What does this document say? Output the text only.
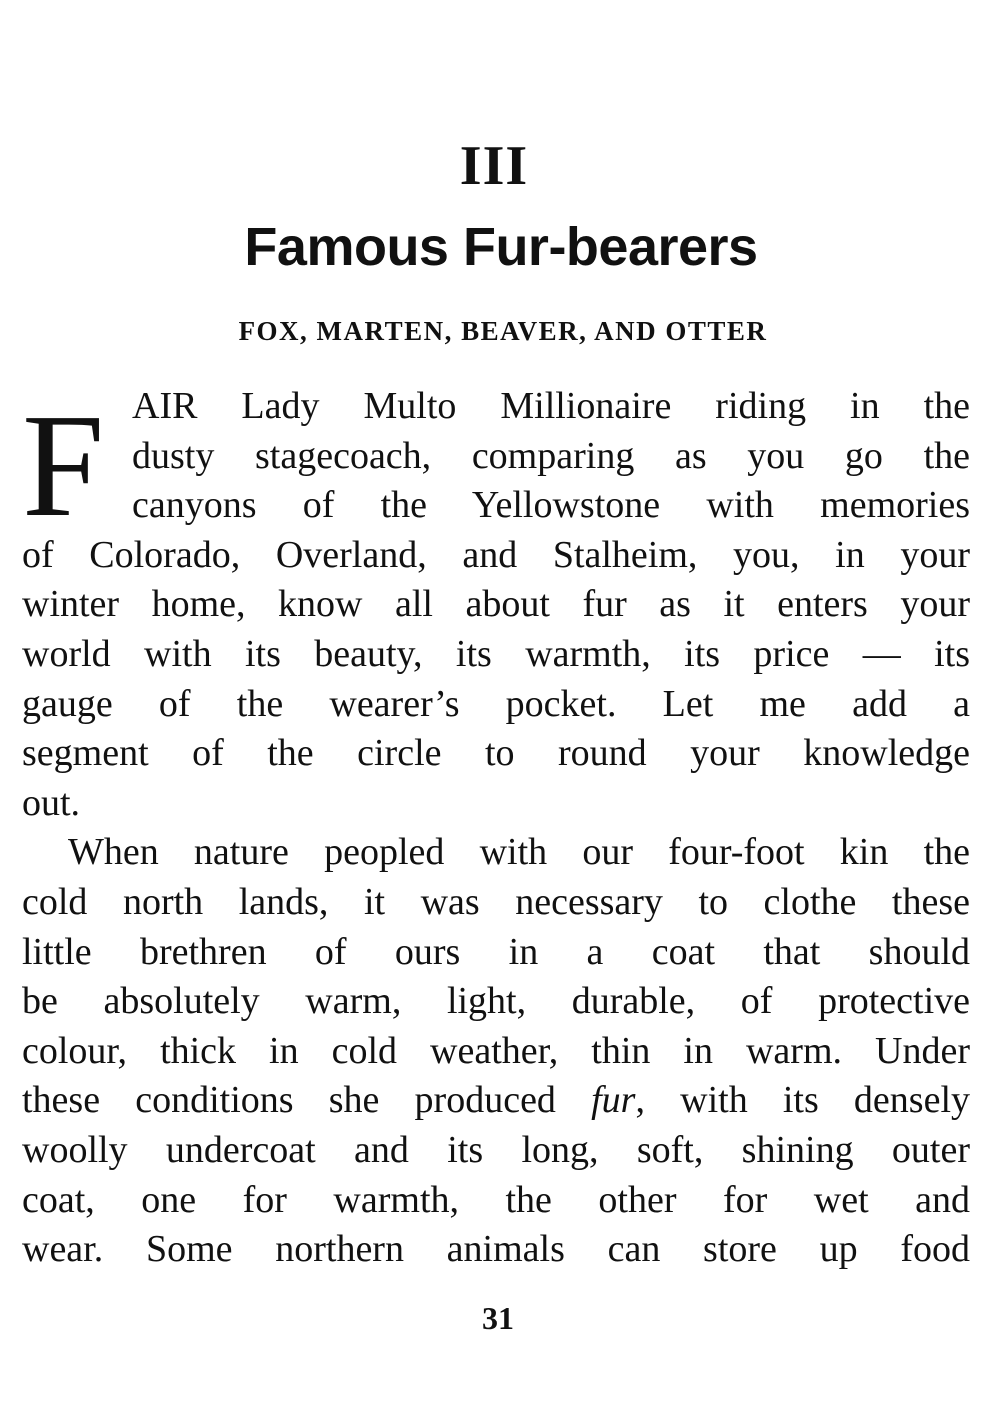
III
Famous Fur-bearers
FOX, MARTEN, BEAVER, AND OTTER
F AIR Lady Multo Millionaire riding in the
dusty stagecoach, comparing as you go the
canyons of the Yellowstone with memories
of Colorado, Overland, and Stalheim, you, in your
winter home, know all about fur as it enters your
world with its beauty, its warmth, its price — its
gauge of the wearer’s pocket. Let me add a
segment of the circle to round your knowledge
out.
When nature peopled with our four-foot kin the
cold north lands, it was necessary to clothe these
little brethren of ours in a coat that should
be absolutely warm, light, durable, of protective
colour, thick in cold weather, thin in warm. Under
these conditions she produced fur, with its densely
woolly undercoat and its long, soft, shining outer
coat, one for warmth, the other for wet and
wear. Some northern animals can store up food
31
